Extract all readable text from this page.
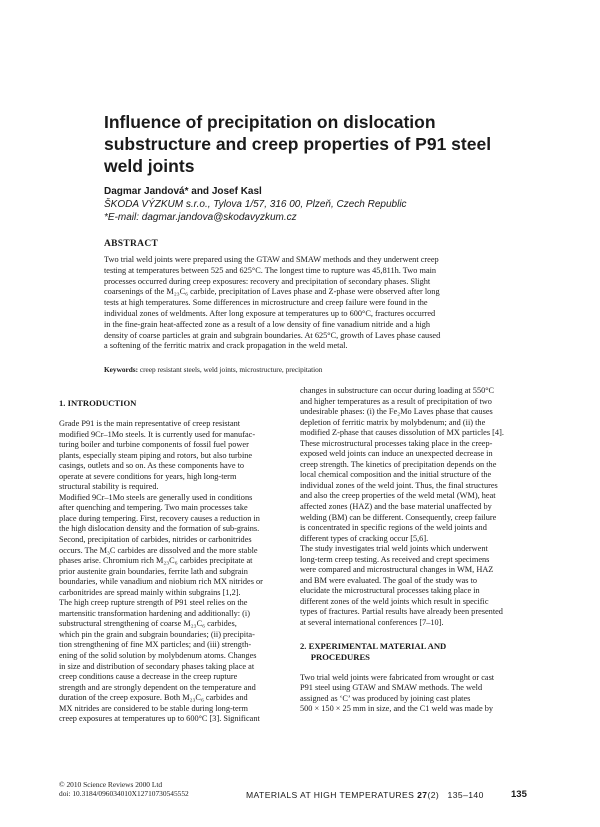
Influence of precipitation on dislocation
substructure and creep properties of P91 steel
weld joints
Dagmar Jandová* and Josef Kasl
ŠKODA VÝZKUM s.r.o., Tylova 1/57, 316 00, Plzeň, Czech Republic
*E-mail: dagmar.jandova@skodavyzkum.cz
ABSTRACT
Two trial weld joints were prepared using the GTAW and SMAW methods and they underwent creep
testing at temperatures between 525 and 625°C. The longest time to rupture was 45,811h. Two main
processes occurred during creep exposures: recovery and precipitation of secondary phases. Slight
coarsenings of the M₂₃C₆ carbide, precipitation of Laves phase and Z-phase were observed after long
tests at high temperatures. Some differences in microstructure and creep failure were found in the
individual zones of weldments. After long exposure at temperatures up to 600°C, fractures occurred
in the fine-grain heat-affected zone as a result of a low density of fine vanadium nitride and a high
density of coarse particles at grain and subgrain boundaries. At 625°C, growth of Laves phase caused
a softening of the ferritic matrix and crack propagation in the weld metal.
Keywords: creep resistant steels, weld joints, microstructure, precipitation
1. INTRODUCTION
Grade P91 is the main representative of creep resistant
modified 9Cr–1Mo steels. It is currently used for manufac-
turing boiler and turbine components of fossil fuel power
plants, especially steam piping and rotors, but also turbine
casings, outlets and so on. As these components have to
operate at severe conditions for years, high long-term
structural stability is required.
Modified 9Cr–1Mo steels are generally used in conditions
after quenching and tempering. Two main processes take
place during tempering. First, recovery causes a reduction in
the high dislocation density and the formation of sub-grains.
Second, precipitation of carbides, nitrides or carbonitrides
occurs. The M₃C carbides are dissolved and the more stable
phases arise. Chromium rich M₂₃C₆ carbides precipitate at
prior austenite grain boundaries, ferrite lath and subgrain
boundaries, while vanadium and niobium rich MX nitrides or
carbonitrides are spread mainly within subgrains [1,2].
The high creep rupture strength of P91 steel relies on the
martensitic transformation hardening and additionally: (i)
substructural strengthening of coarse M₂₃C₆ carbides,
which pin the grain and subgrain boundaries; (ii) precipita-
tion strengthening of fine MX particles; and (iii) strength-
ening of the solid solution by molybdenum atoms. Changes
in size and distribution of secondary phases taking place at
creep conditions cause a decrease in the creep rupture
strength and are strongly dependent on the temperature and
duration of the creep exposure. Both M₂₃C₆ carbides and
MX nitrides are considered to be stable during long-term
creep exposures at temperatures up to 600°C [3]. Significant
changes in substructure can occur during loading at 550°C
and higher temperatures as a result of precipitation of two
undesirable phases: (i) the Fe₂Mo Laves phase that causes
depletion of ferritic matrix by molybdenum; and (ii) the
modified Z-phase that causes dissolution of MX particles [4].
These microstructural processes taking place in the creep-
exposed weld joints can induce an unexpected decrease in
creep strength. The kinetics of precipitation depends on the
local chemical composition and the initial structure of the
individual zones of the weld joint. Thus, the final structures
and also the creep properties of the weld metal (WM), heat
affected zones (HAZ) and the base material unaffected by
welding (BM) can be different. Consequently, creep failure
is concentrated in specific regions of the weld joints and
different types of cracking occur [5,6].
The study investigates trial weld joints which underwent
long-term creep testing. As received and crept specimens
were compared and microstructural changes in WM, HAZ
and BM were evaluated. The goal of the study was to
elucidate the microstructural processes taking place in
different zones of the weld joints which result in specific
types of fractures. Partial results have already been presented
at several international conferences [7–10].
2. EXPERIMENTAL MATERIAL AND
PROCEDURES
Two trial weld joints were fabricated from wrought or cast
P91 steel using GTAW and SMAW methods. The weld
assigned as ‘C’ was produced by joining cast plates
500 × 150 × 25 mm in size, and the C1 weld was made by
© 2010 Science Reviews 2000 Ltd
doi: 10.3184/096034010X12710730545552	MATERIALS AT HIGH TEMPERATURES 27(2)   135–140	135
